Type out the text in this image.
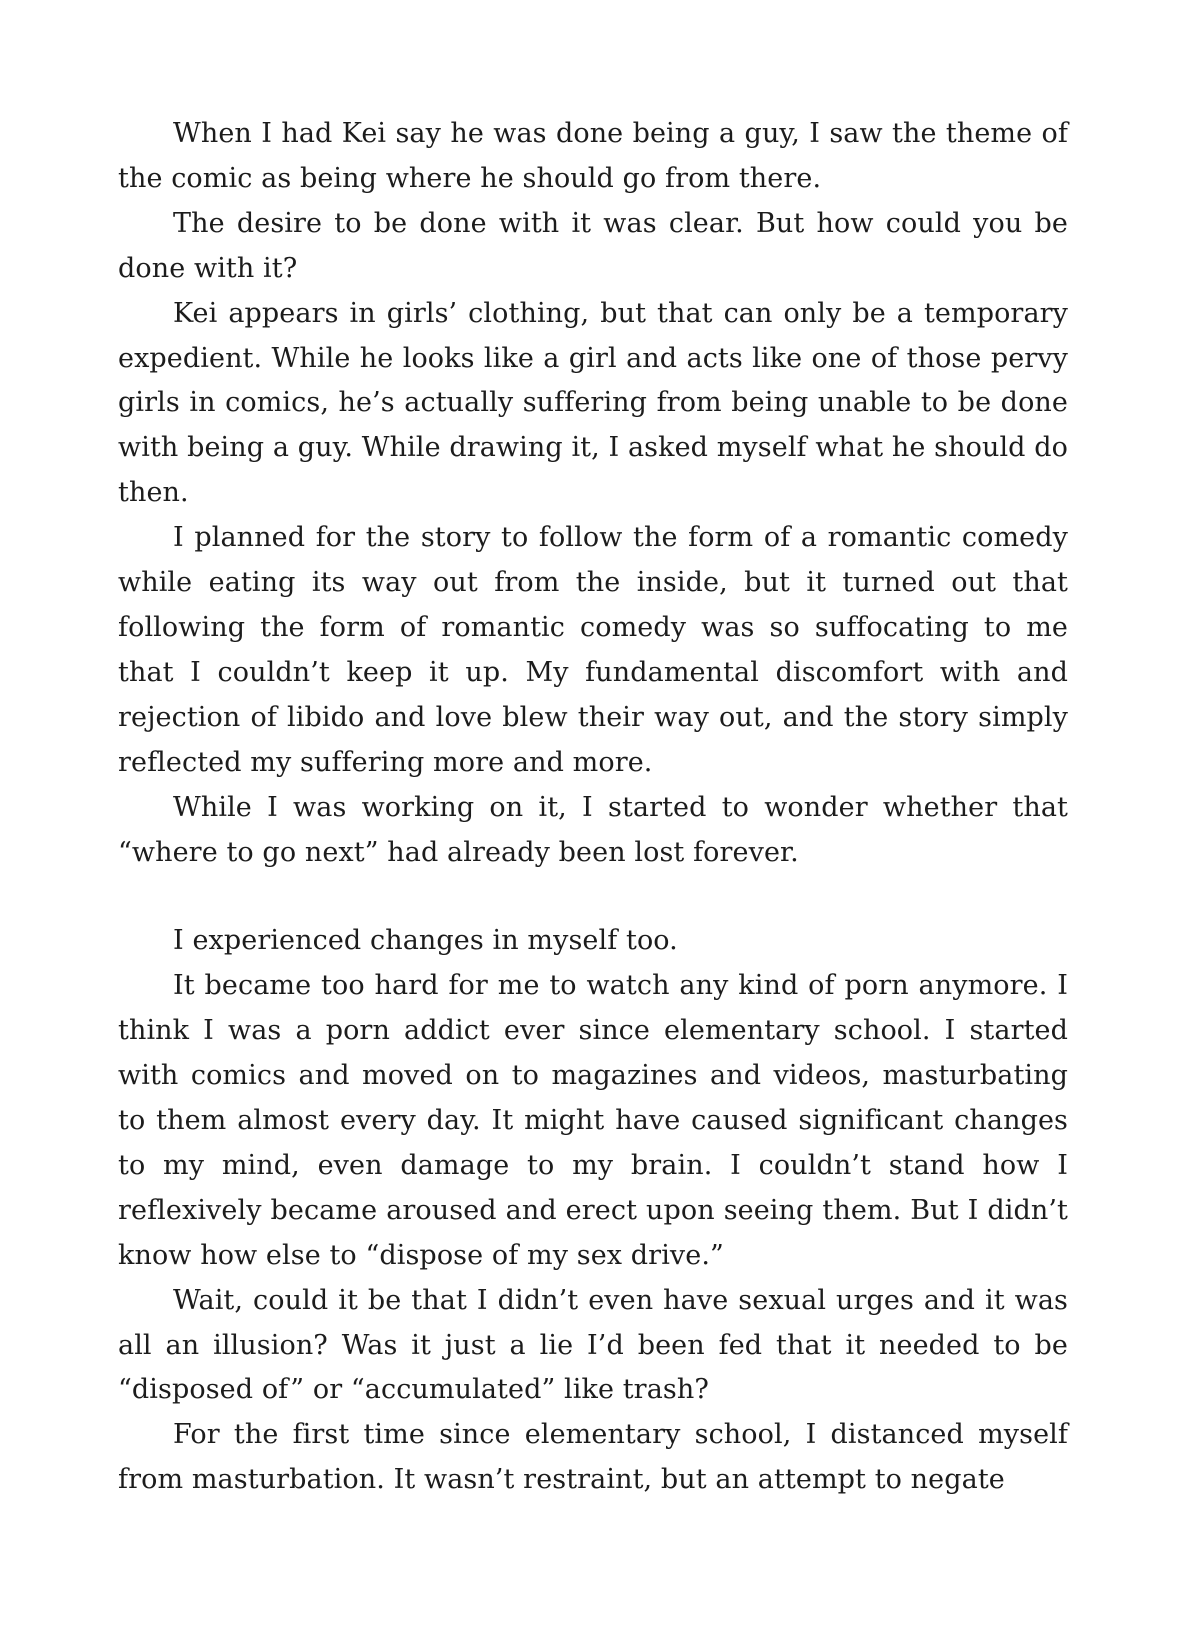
When I had Kei say he was done being a guy, I saw the theme of the comic as being where he should go from there.

The desire to be done with it was clear. But how could you be done with it?

Kei appears in girls’ clothing, but that can only be a temporary expedient. While he looks like a girl and acts like one of those pervy girls in comics, he’s actually suffering from being unable to be done with being a guy. While drawing it, I asked myself what he should do then.

I planned for the story to follow the form of a romantic comedy while eating its way out from the inside, but it turned out that following the form of romantic comedy was so suffocating to me that I couldn’t keep it up. My fundamental discomfort with and rejection of libido and love blew their way out, and the story simply reflected my suffering more and more.

While I was working on it, I started to wonder whether that “where to go next” had already been lost forever.

I experienced changes in myself too.

It became too hard for me to watch any kind of porn anymore. I think I was a porn addict ever since elementary school. I started with comics and moved on to magazines and videos, masturbating to them almost every day. It might have caused significant changes to my mind, even damage to my brain. I couldn’t stand how I reflexively became aroused and erect upon seeing them. But I didn’t know how else to “dispose of my sex drive.”

Wait, could it be that I didn’t even have sexual urges and it was all an illusion? Was it just a lie I’d been fed that it needed to be “disposed of” or “accumulated” like trash?

For the first time since elementary school, I distanced myself from masturbation. It wasn’t restraint, but an attempt to negate
